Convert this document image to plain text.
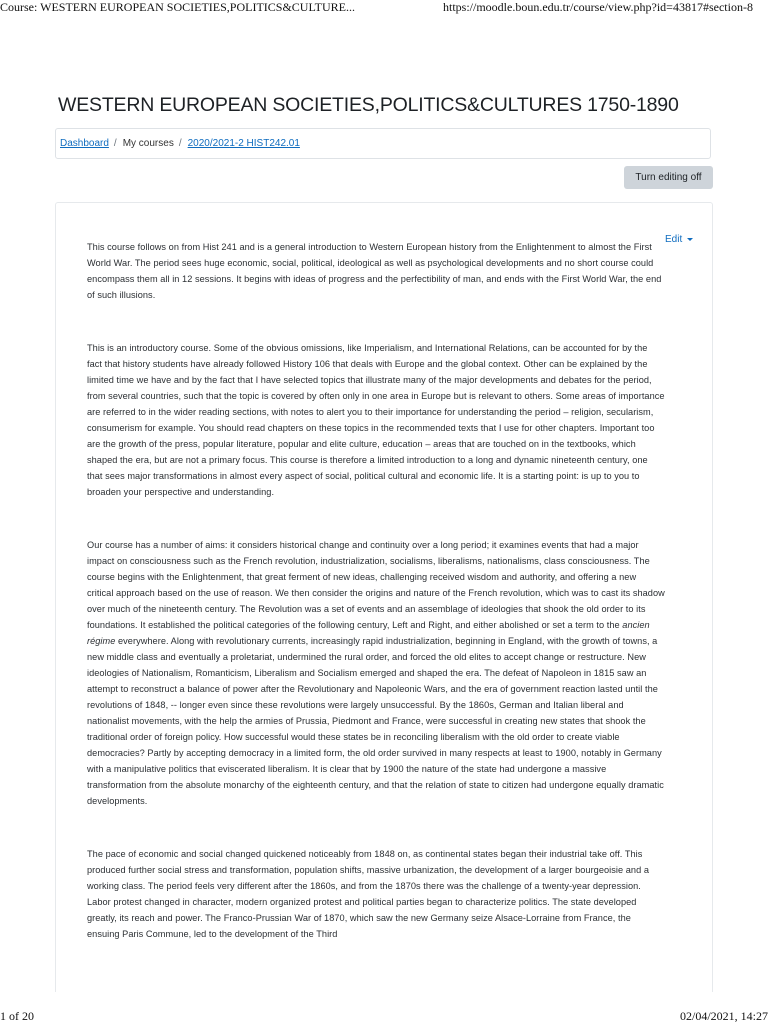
Course: WESTERN EUROPEAN SOCIETIES,POLITICS&CULTURE...	https://moodle.boun.edu.tr/course/view.php?id=43817#section-8
WESTERN EUROPEAN SOCIETIES,POLITICS&CULTURES 1750-1890
Dashboard / My courses / 2020/2021-2 HIST242.01
Turn editing off
Edit

This course follows on from Hist 241 and is a general introduction to Western European history from the Enlightenment to almost the First World War. The period sees huge economic, social, political, ideological as well as psychological developments and no short course could encompass them all in 12 sessions. It begins with ideas of progress and the perfectibility of man, and ends with the First World War, the end of such illusions.

This is an introductory course. Some of the obvious omissions, like Imperialism, and International Relations, can be accounted for by the fact that history students have already followed History 106 that deals with Europe and the global context. Other can be explained by the limited time we have and by the fact that I have selected topics that illustrate many of the major developments and debates for the period, from several countries, such that the topic is covered by often only in one area in Europe but is relevant to others. Some areas of importance are referred to in the wider reading sections, with notes to alert you to their importance for understanding the period – religion, secularism, consumerism for example. You should read chapters on these topics in the recommended texts that I use for other chapters. Important too are the growth of the press, popular literature, popular and elite culture, education – areas that are touched on in the textbooks, which shaped the era, but are not a primary focus. This course is therefore a limited introduction to a long and dynamic nineteenth century, one that sees major transformations in almost every aspect of social, political cultural and economic life. It is a starting point: is up to you to broaden your perspective and understanding.

Our course has a number of aims: it considers historical change and continuity over a long period; it examines events that had a major impact on consciousness such as the French revolution, industrialization, socialisms, liberalisms, nationalisms, class consciousness. The course begins with the Enlightenment, that great ferment of new ideas, challenging received wisdom and authority, and offering a new critical approach based on the use of reason. We then consider the origins and nature of the French revolution, which was to cast its shadow over much of the nineteenth century. The Revolution was a set of events and an assemblage of ideologies that shook the old order to its foundations. It established the political categories of the following century, Left and Right, and either abolished or set a term to the ancien régime everywhere. Along with revolutionary currents, increasingly rapid industrialization, beginning in England, with the growth of towns, a new middle class and eventually a proletariat, undermined the rural order, and forced the old elites to accept change or restructure. New ideologies of Nationalism, Romanticism, Liberalism and Socialism emerged and shaped the era. The defeat of Napoleon in 1815 saw an attempt to reconstruct a balance of power after the Revolutionary and Napoleonic Wars, and the era of government reaction lasted until the revolutions of 1848, -- longer even since these revolutions were largely unsuccessful. By the 1860s, German and Italian liberal and nationalist movements, with the help the armies of Prussia, Piedmont and France, were successful in creating new states that shook the traditional order of foreign policy. How successful would these states be in reconciling liberalism with the old order to create viable democracies? Partly by accepting democracy in a limited form, the old order survived in many respects at least to 1900, notably in Germany with a manipulative politics that eviscerated liberalism. It is clear that by 1900 the nature of the state had undergone a massive transformation from the absolute monarchy of the eighteenth century, and that the relation of state to citizen had undergone equally dramatic developments.

The pace of economic and social changed quickened noticeably from 1848 on, as continental states began their industrial take off. This produced further social stress and transformation, population shifts, massive urbanization, the development of a larger bourgeoisie and a working class. The period feels very different after the 1860s, and from the 1870s there was the challenge of a twenty-year depression. Labor protest changed in character, modern organized protest and political parties began to characterize politics. The state developed greatly, its reach and power. The Franco-Prussian War of 1870, which saw the new Germany seize Alsace-Lorraine from France, the ensuing Paris Commune, led to the development of the Third

1 of 20	02/04/2021, 14:27
